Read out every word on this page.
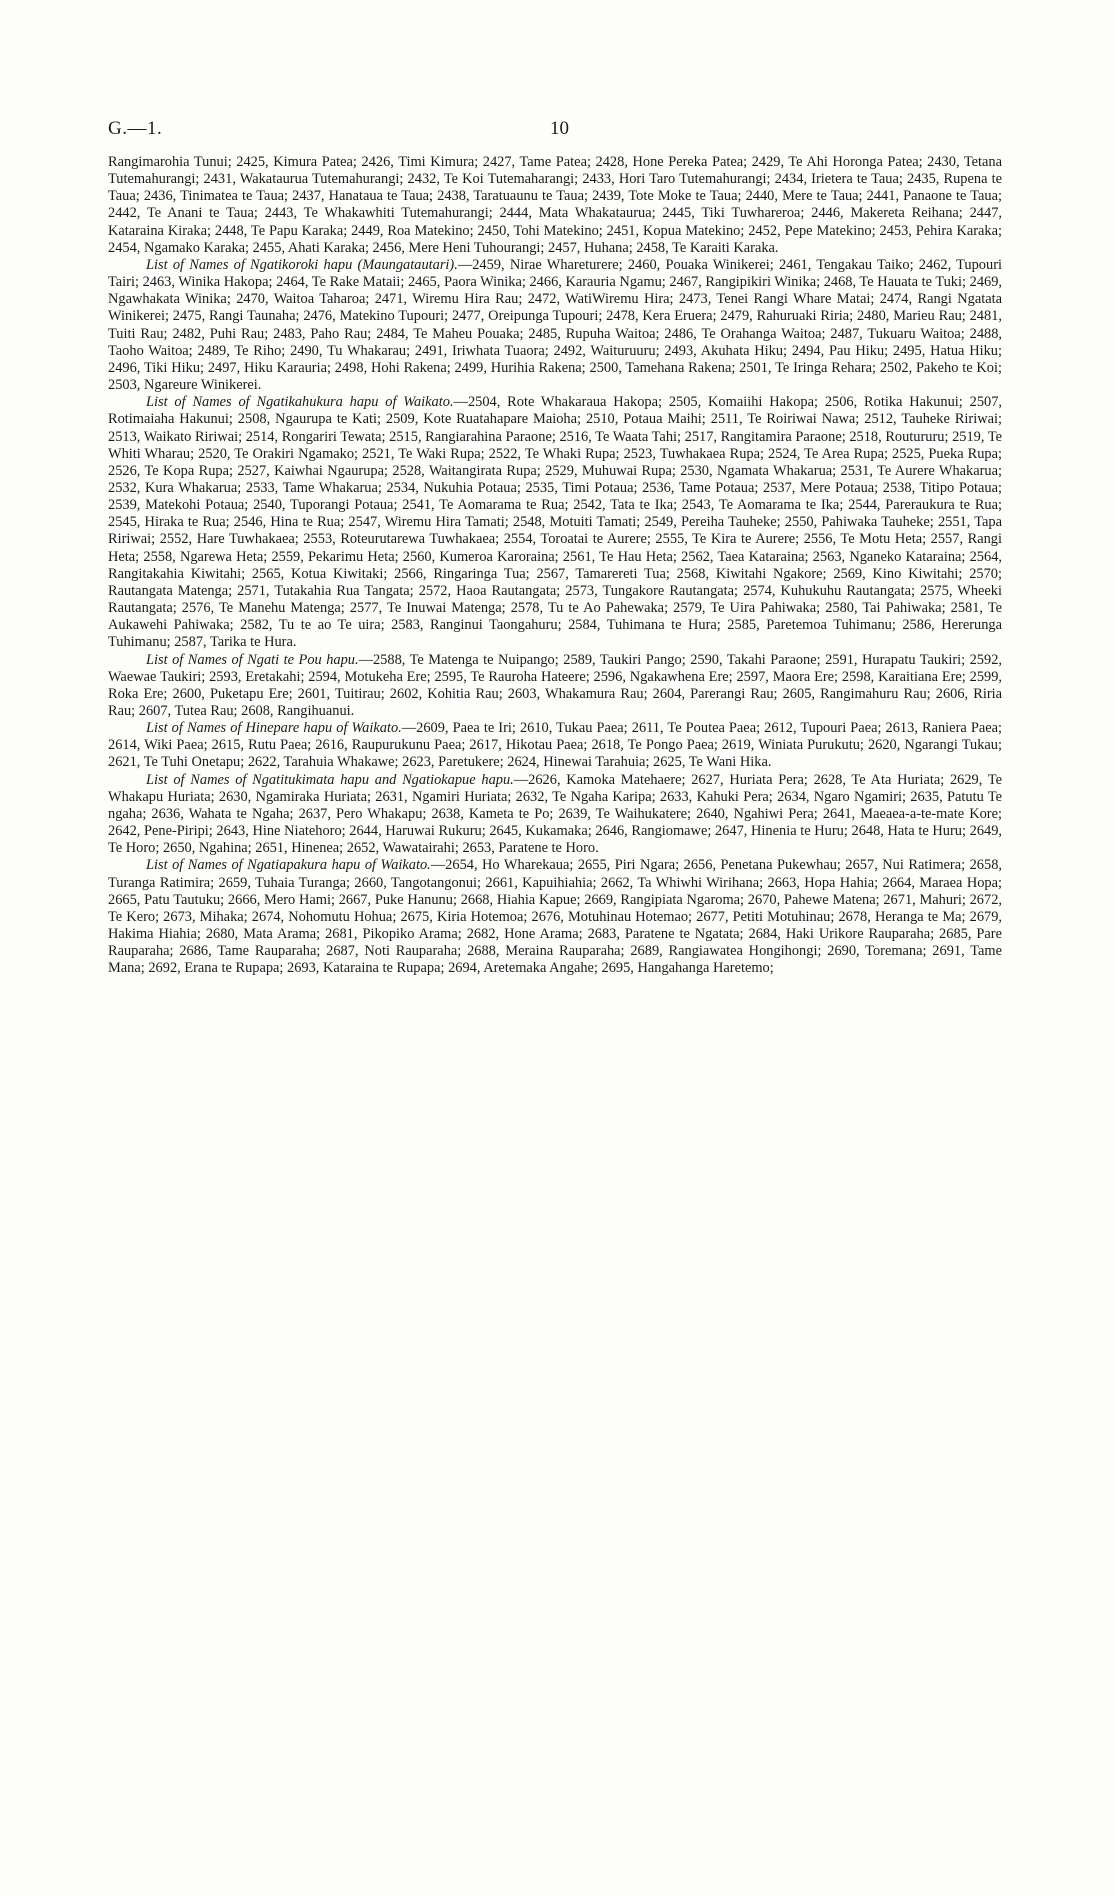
G.—1.	10

Rangimarohia Tunui; 2425, Kimura Patea; 2426, Timi Kimura; 2427, Tame Patea; 2428, Hone Pereka Patea; 2429, Te Ahi Horonga Patea; 2430, Tetana Tutemahurangi; 2431, Wakataurua Tutemahurangi; 2432, Te Koi Tutemaharangi; 2433, Hori Taro Tutemahurangi; 2434, Irietera te Taua; 2435, Rupena te Taua; 2436, Tinimatea te Taua; 2437, Hanataua te Taua; 2438, Taratuaunu te Taua; 2439, Tote Moke te Taua; 2440, Mere te Taua; 2441, Panaone te Taua; 2442, Te Anani te Taua; 2443, Te Whakawhiti Tutemahurangi; 2444, Mata Whakataurua; 2445, Tiki Tuwhareroa; 2446, Makereta Reihana; 2447, Kataraina Kiraka; 2448, Te Papu Karaka; 2449, Roa Matekino; 2450, Tohi Matekino; 2451, Kopua Matekino; 2452, Pepe Matekino; 2453, Pehira Karaka; 2454, Ngamako Karaka; 2455, Ahati Karaka; 2456, Mere Heni Tuhourangi; 2457, Huhana; 2458, Te Karaiti Karaka.

List of Names of Ngatikoroki hapu (Maungatautari).—2459, Nirae Whareturere; 2460, Pouaka Winikerei; 2461, Tengakau Taiko; 2462, Tupouri Tairi; 2463, Winika Hakopa; 2464, Te Rake Mataii; 2465, Paora Winika; 2466, Karauria Ngamu; 2467, Rangipikiri Winika; 2468, Te Hauata te Tuki; 2469, Ngawhakata Winika; 2470, Waitoa Taharoa; 2471, Wiremu Hira Rau; 2472, WatiWiremu Hira; 2473, Tenei Rangi Whare Matai; 2474, Rangi Ngatata Winikerei; 2475, Rangi Taunaha; 2476, Matekino Tupouri; 2477, Oreipunga Tupouri; 2478, Kera Eruera; 2479, Rahuruaki Riria; 2480, Marieu Rau; 2481, Tuiti Rau; 2482, Puhi Rau; 2483, Paho Rau; 2484, Te Maheu Pouaka; 2485, Rupuha Waitoa; 2486, Te Orahanga Waitoa; 2487, Tukuaru Waitoa; 2488, Taoho Waitoa; 2489, Te Riho; 2490, Tu Whakarau; 2491, Iriwhata Tuaora; 2492, Waituruuru; 2493, Akuhata Hiku; 2494, Pau Hiku; 2495, Hatua Hiku; 2496, Tiki Hiku; 2497, Hiku Karauria; 2498, Hohi Rakena; 2499, Hurihia Rakena; 2500, Tamehana Rakena; 2501, Te Iringa Rehara; 2502, Pakeho te Koi; 2503, Ngareure Winikerei.

List of Names of Ngatikahukura hapu of Waikato.—2504, Rote Whakaraua Hakopa; 2505, Komaiihi Hakopa; 2506, Rotika Hakunui; 2507, Rotimaiaha Hakunui; 2508, Ngaurupa te Kati; 2509, Kote Ruatahapare Maioha; 2510, Potaua Maihi; 2511, Te Roiriwai Nawa; 2512, Tauheke Ririwai; 2513, Waikato Ririwai; 2514, Rongariri Tewata; 2515, Rangiarahina Paraone; 2516, Te Waata Tahi; 2517, Rangitamira Paraone; 2518, Routururu; 2519, Te Whiti Wharau; 2520, Te Orakiri Ngamako; 2521, Te Waki Rupa; 2522, Te Whaki Rupa; 2523, Tuwhakaea Rupa; 2524, Te Area Rupa; 2525, Pueka Rupa; 2526, Te Kopa Rupa; 2527, Kaiwhai Ngaurupa; 2528, Waitangirata Rupa; 2529, Muhuwai Rupa; 2530, Ngamata Whakarua; 2531, Te Aurere Whakarua; 2532, Kura Whakarua; 2533, Tame Whakarua; 2534, Nukuhia Potaua; 2535, Timi Potaua; 2536, Tame Potaua; 2537, Mere Potaua; 2538, Titipo Potaua; 2539, Matekohi Potaua; 2540, Tuporangi Potaua; 2541, Te Aomarama te Rua; 2542, Tata te Ika; 2543, Te Aomarama te Ika; 2544, Pareraukura te Rua; 2545, Hiraka te Rua; 2546, Hina te Rua; 2547, Wiremu Hira Tamati; 2548, Motuiti Tamati; 2549, Pereiha Tauheke; 2550, Pahiwaka Tauheke; 2551, Tapa Ririwai; 2552, Hare Tuwhakaea; 2553, Roteurutarewa Tuwhakaea; 2554, Toroatai te Aurere; 2555, Te Kira te Aurere; 2556, Te Motu Heta; 2557, Rangi Heta; 2558, Ngarewa Heta; 2559, Pekarimu Heta; 2560, Kumeroa Karoraina; 2561, Te Hau Heta; 2562, Taea Kataraina; 2563, Nganeko Kataraina; 2564, Rangitakahia Kiwitahi; 2565, Kotua Kiwitaki; 2566, Ringaringa Tua; 2567, Tamarereti Tua; 2568, Kiwitahi Ngakore; 2569, Kino Kiwitahi; 2570; Rautangata Matenga; 2571, Tutakahia Rua Tangata; 2572, Haoa Rautangata; 2573, Tungakore Rautangata; 2574, Kuhukuhu Rautangata; 2575, Wheeki Rautangata; 2576, Te Manehu Matenga; 2577, Te Inuwai Matenga; 2578, Tu te Ao Pahewaka; 2579, Te Uira Pahiwaka; 2580, Tai Pahiwaka; 2581, Te Aukawehi Pahiwaka; 2582, Tu te ao Te uira; 2583, Ranginui Taongahuru; 2584, Tuhimana te Hura; 2585, Paretemoa Tuhimanu; 2586, Hererunga Tuhimanu; 2587, Tarika te Hura.

List of Names of Ngati te Pou hapu.—2588, Te Matenga te Nuipango; 2589, Taukiri Pango; 2590, Takahi Paraone; 2591, Hurapatu Taukiri; 2592, Waewae Taukiri; 2593, Eretakahi; 2594, Motukeha Ere; 2595, Te Rauroha Hateere; 2596, Ngakawhena Ere; 2597, Maora Ere; 2598, Karaitiana Ere; 2599, Roka Ere; 2600, Puketapu Ere; 2601, Tuitirau; 2602, Kohitia Rau; 2603, Whakamura Rau; 2604, Parerangi Rau; 2605, Rangimahuru Rau; 2606, Riria Rau; 2607, Tutea Rau; 2608, Rangihuanui.

List of Names of Hinepare hapu of Waikato.—2609, Paea te Iri; 2610, Tukau Paea; 2611, Te Poutea Paea; 2612, Tupouri Paea; 2613, Raniera Paea; 2614, Wiki Paea; 2615, Rutu Paea; 2616, Raupurukunu Paea; 2617, Hikotau Paea; 2618, Te Pongo Paea; 2619, Winiata Purukutu; 2620, Ngarangi Tukau; 2621, Te Tuhi Onetapu; 2622, Tarahuia Whakawe; 2623, Paretukere; 2624, Hinewai Tarahuia; 2625, Te Wani Hika.

List of Names of Ngatitukimata hapu and Ngatiokapue hapu.—2626, Kamoka Matehaere; 2627, Huriata Pera; 2628, Te Ata Huriata; 2629, Te Whakapu Huriata; 2630, Ngamiraka Huriata; 2631, Ngamiri Huriata; 2632, Te Ngaha Karipa; 2633, Kahuki Pera; 2634, Ngaro Ngamiri; 2635, Patutu Te ngaha; 2636, Wahata te Ngaha; 2637, Pero Whakapu; 2638, Kameta te Po; 2639, Te Waihukatere; 2640, Ngahiwi Pera; 2641, Maeaea-a-te-mate Kore; 2642, Pene-Piripi; 2643, Hine Niatehoro; 2644, Haruwai Rukuru; 2645, Kukamaka; 2646, Rangiomawe; 2647, Hinenia te Huru; 2648, Hata te Huru; 2649, Te Horo; 2650, Ngahina; 2651, Hinenea; 2652, Wawatairahi; 2653, Paratene te Horo.

List of Names of Ngatiapakura hapu of Waikato.—2654, Ho Wharekaua; 2655, Piri Ngara; 2656, Penetana Pukewhau; 2657, Nui Ratimera; 2658, Turanga Ratimira; 2659, Tuhaia Turanga; 2660, Tangotangonui; 2661, Kapuihiahia; 2662, Ta Whiwhi Wirihana; 2663, Hopa Hahia; 2664, Maraea Hopa; 2665, Patu Tautuku; 2666, Mero Hami; 2667, Puke Hanunu; 2668, Hiahia Kapue; 2669, Rangipiata Ngaroma; 2670, Pahewe Matena; 2671, Mahuri; 2672, Te Kero; 2673, Mihaka; 2674, Nohomutu Hohua; 2675, Kiria Hotemoa; 2676, Motuhinau Hotemao; 2677, Petiti Motuhinau; 2678, Heranga te Ma; 2679, Hakima Hiahia; 2680, Mata Arama; 2681, Pikopiko Arama; 2682, Hone Arama; 2683, Paratene te Ngatata; 2684, Haki Urikore Rauparaha; 2685, Pare Rauparaha; 2686, Tame Rauparaha; 2687, Noti Rauparaha; 2688, Meraina Rauparaha; 2689, Rangiawatea Hongihongi; 2690, Toremana; 2691, Tame Mana; 2692, Erana te Rupapa; 2693, Kataraina te Rupapa; 2694, Aretemaka Angahe; 2695, Hangahanga Haretemo;
